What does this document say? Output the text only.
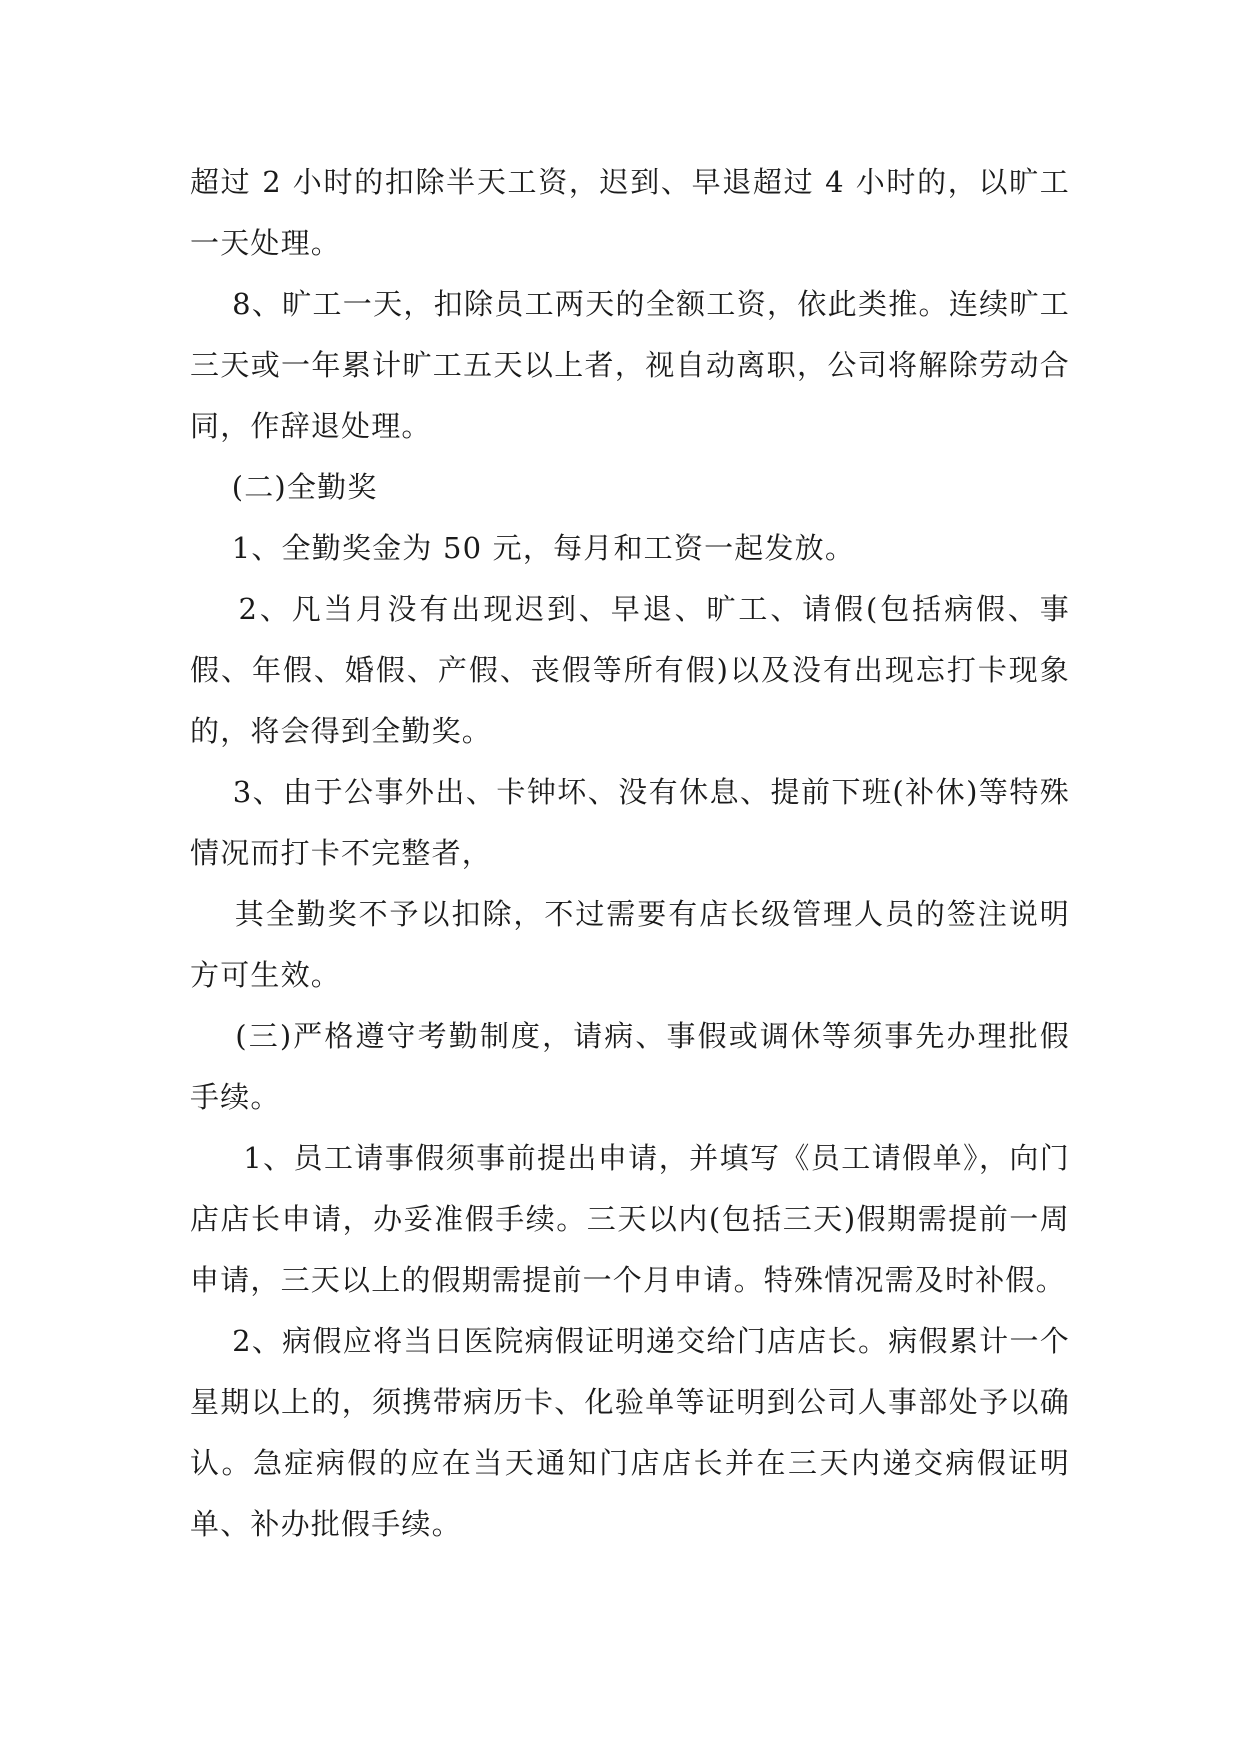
超过 2 小时的扣除半天工资，迟到、早退超过 4 小时的，以旷工一天处理。

8、旷工一天，扣除员工两天的全额工资，依此类推。连续旷工三天或一年累计旷工五天以上者，视自动离职，公司将解除劳动合同，作辞退处理。

(二)全勤奖

1、全勤奖金为 50 元，每月和工资一起发放。

2、凡当月没有出现迟到、早退、旷工、请假(包括病假、事假、年假、婚假、产假、丧假等所有假)以及没有出现忘打卡现象的，将会得到全勤奖。

3、由于公事外出、卡钟坏、没有休息、提前下班(补休)等特殊情况而打卡不完整者，

其全勤奖不予以扣除，不过需要有店长级管理人员的签注说明方可生效。

(三)严格遵守考勤制度，请病、事假或调休等须事先办理批假手续。

1、员工请事假须事前提出申请，并填写《员工请假单》，向门店店长申请，办妥准假手续。三天以内(包括三天)假期需提前一周申请，三天以上的假期需提前一个月申请。特殊情况需及时补假。

2、病假应将当日医院病假证明递交给门店店长。病假累计一个星期以上的，须携带病历卡、化验单等证明到公司人事部处予以确认。急症病假的应在当天通知门店店长并在三天内递交病假证明单、补办批假手续。
